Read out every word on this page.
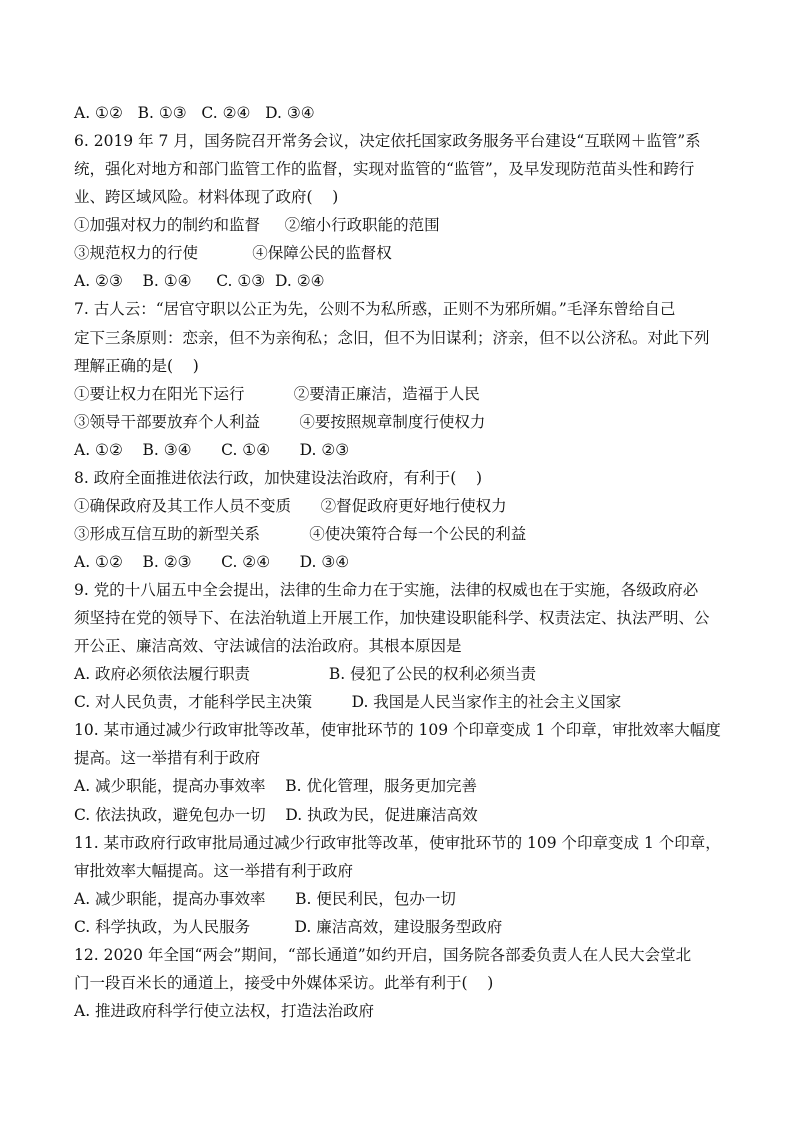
A. ①②   B. ①③   C. ②④   D. ③④
6. 2019 年 7 月，国务院召开常务会议，决定依托国家政务服务平台建设“互联网＋监管”系
统，强化对地方和部门监管工作的监督，实现对监管的“监管”，及早发现防范苗头性和跨行
业、跨区域风险。材料体现了政府(    )
①加强对权力的制约和监督     ②缩小行政职能的范围
③规范权力的行使           ④保障公民的监督权
A. ②③    B. ①④     C. ①③  D. ②④
7. 古人云：“居官守职以公正为先，公则不为私所惑，正则不为邪所媚。”毛泽东曾给自己
定下三条原则：恋亲，但不为亲徇私；念旧，但不为旧谋利；济亲，但不以公济私。对此下列
理解正确的是(    )
①要让权力在阳光下运行          ②要清正廉洁，造福于人民
③领导干部要放弃个人利益        ④要按照规章制度行使权力
A. ①②    B. ③④      C. ①④      D. ②③
8. 政府全面推进依法行政，加快建设法治政府，有利于(    )
①确保政府及其工作人员不变质      ②督促政府更好地行使权力
③形成互信互助的新型关系          ④使决策符合每一个公民的利益
A. ①②    B. ②③      C. ②④      D. ③④
9. 党的十八届五中全会提出，法律的生命力在于实施，法律的权威也在于实施，各级政府必
须坚持在党的领导下、在法治轨道上开展工作，加快建设职能科学、权责法定、执法严明、公
开公正、廉洁高效、守法诚信的法治政府。其根本原因是
A. 政府必须依法履行职责                B. 侵犯了公民的权利必须当责
C. 对人民负责，才能科学民主决策        D. 我国是人民当家作主的社会主义国家
10. 某市通过减少行政审批等改革，使审批环节的 109 个印章变成 1 个印章，审批效率大幅度
提高。这一举措有利于政府
A. 减少职能，提高办事效率    B. 优化管理，服务更加完善
C. 依法执政，避免包办一切    D. 执政为民，促进廉洁高效
11. 某市政府行政审批局通过减少行政审批等改革，使审批环节的 109 个印章变成 1 个印章，
审批效率大幅提高。这一举措有利于政府
A. 减少职能，提高办事效率      B. 便民利民，包办一切
C. 科学执政，为人民服务         D. 廉洁高效，建设服务型政府
12. 2020 年全国“两会”期间，“部长通道”如约开启，国务院各部委负责人在人民大会堂北
门一段百米长的通道上，接受中外媒体采访。此举有利于(    )
A. 推进政府科学行使立法权，打造法治政府
